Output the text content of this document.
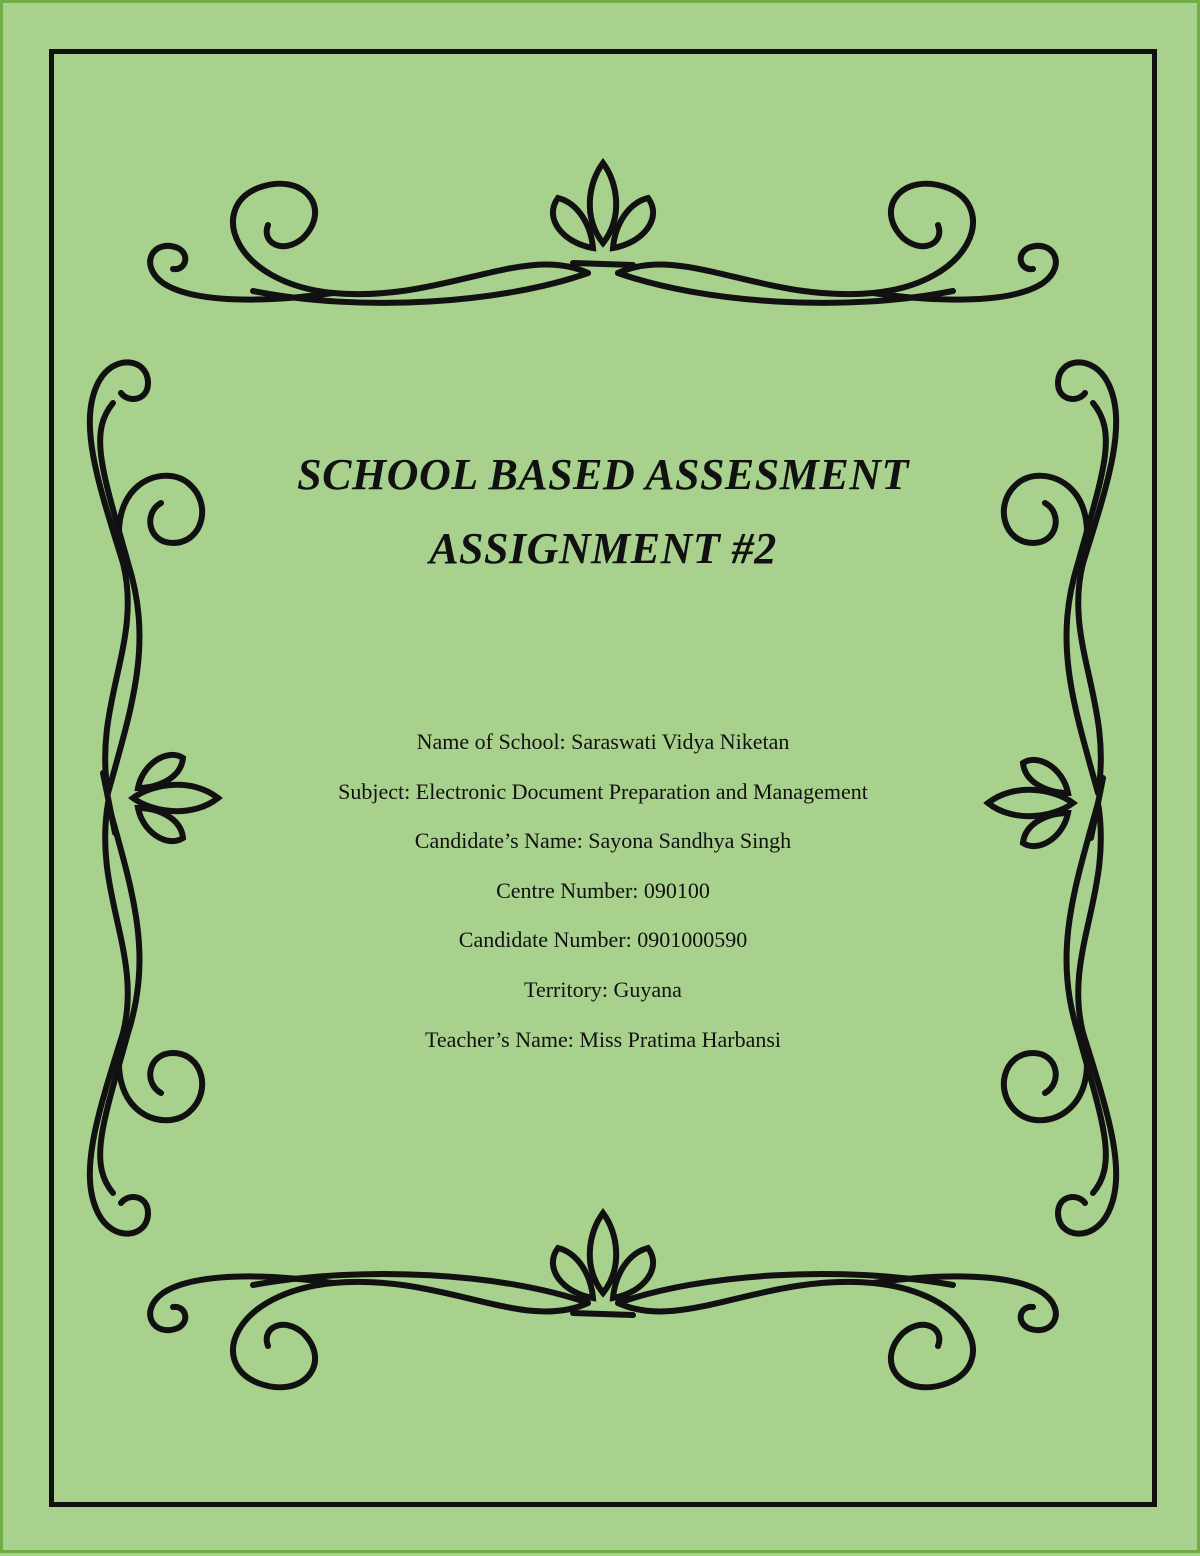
SCHOOL BASED ASSESMENT
ASSIGNMENT #2
Name of School: Saraswati Vidya Niketan
Subject: Electronic Document Preparation and Management
Candidate’s Name: Sayona Sandhya Singh
Centre Number: 090100
Candidate Number: 0901000590
Territory: Guyana
Teacher’s Name: Miss Pratima Harbansi
